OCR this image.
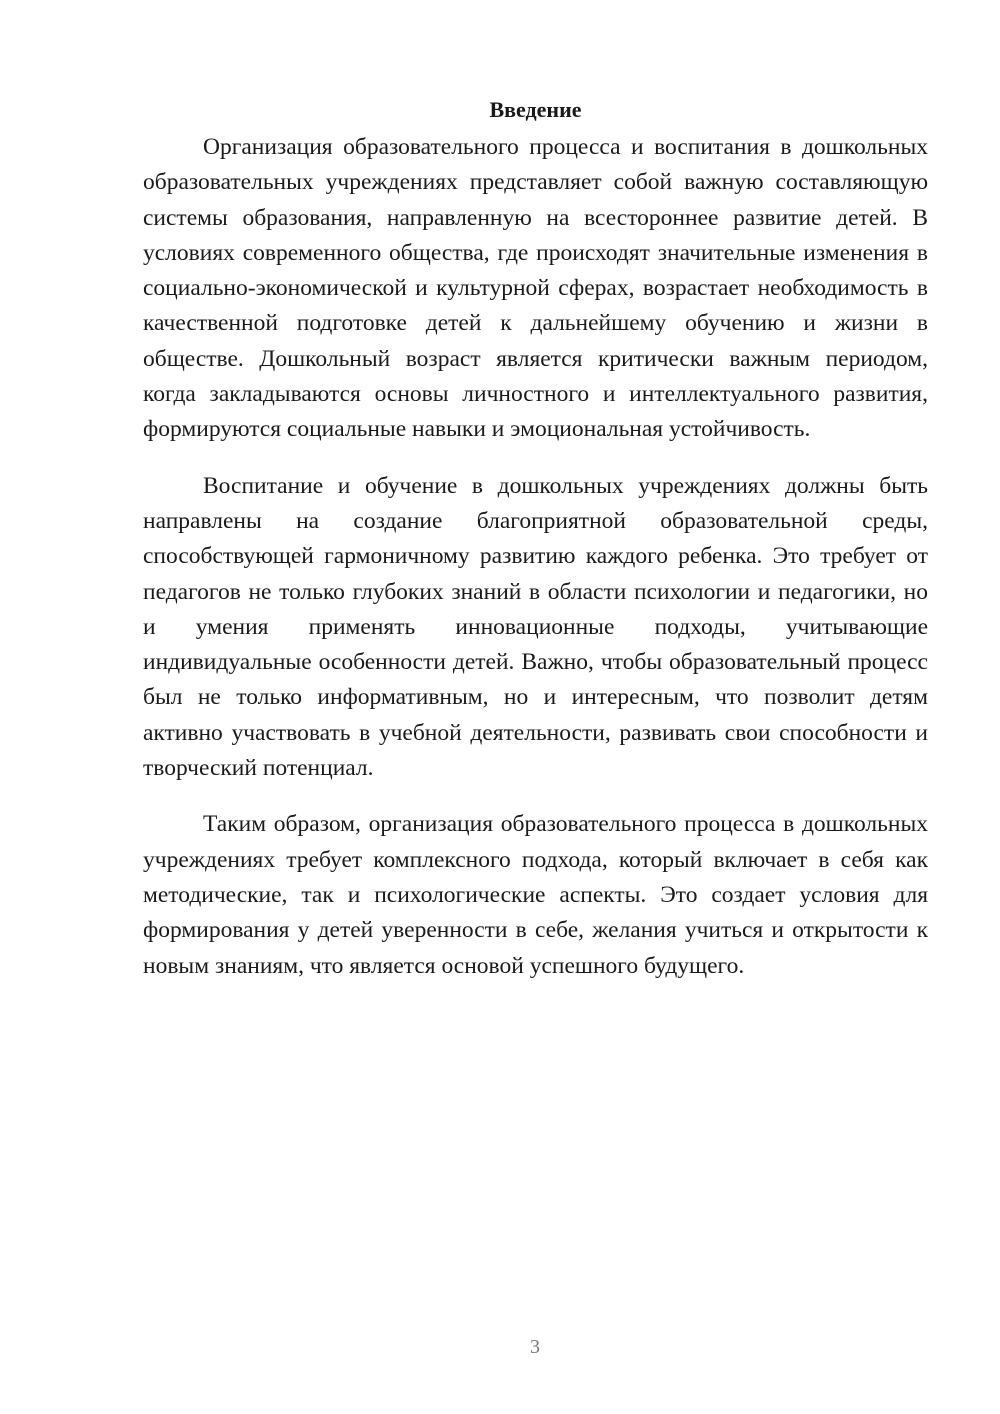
Введение

Организация образовательного процесса и воспитания в дошкольных образовательных учреждениях представляет собой важную составляющую системы образования, направленную на всестороннее развитие детей. В условиях современного общества, где происходят значительные изменения в социально-экономической и культурной сферах, возрастает необходимость в качественной подготовке детей к дальнейшему обучению и жизни в обществе. Дошкольный возраст является критически важным периодом, когда закладываются основы личностного и интеллектуального развития, формируются социальные навыки и эмоциональная устойчивость.

Воспитание и обучение в дошкольных учреждениях должны быть направлены на создание благоприятной образовательной среды, способствующей гармоничному развитию каждого ребенка. Это требует от педагогов не только глубоких знаний в области психологии и педагогики, но и умения применять инновационные подходы, учитывающие индивидуальные особенности детей. Важно, чтобы образовательный процесс был не только информативным, но и интересным, что позволит детям активно участвовать в учебной деятельности, развивать свои способности и творческий потенциал.

Таким образом, организация образовательного процесса в дошкольных учреждениях требует комплексного подхода, который включает в себя как методические, так и психологические аспекты. Это создает условия для формирования у детей уверенности в себе, желания учиться и открытости к новым знаниям, что является основой успешного будущего.

3
